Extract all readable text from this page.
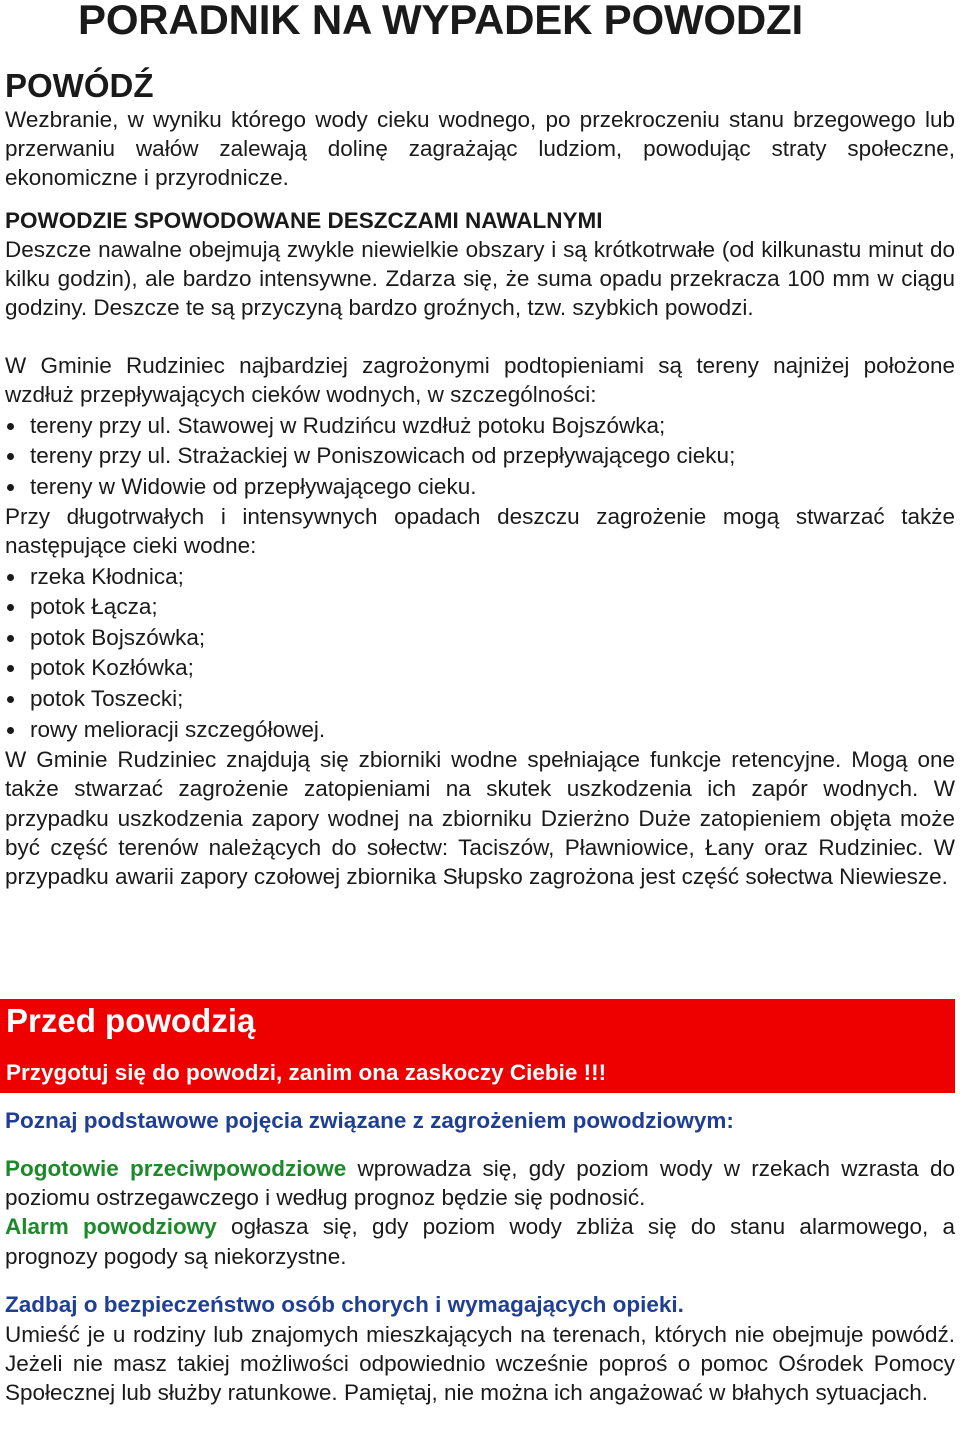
PORADNIK NA WYPADEK POWODZI
POWÓDŹ

Wezbranie, w wyniku którego wody cieku wodnego, po przekroczeniu stanu brzegowego lub przerwaniu wałów zalewają dolinę zagrażając ludziom, powodując straty społeczne, ekonomiczne i przyrodnicze.

POWODZIE SPOWODOWANE DESZCZAMI NAWALNYMI

Deszcze nawalne obejmują zwykle niewielkie obszary i są krótkotrwałe (od kilkunastu minut do kilku godzin), ale bardzo intensywne. Zdarza się, że suma opadu przekracza 100 mm w ciągu godziny. Deszcze te są przyczyną bardzo groźnych, tzw. szybkich powodzi.

W Gminie Rudziniec najbardziej zagrożonymi podtopieniami są tereny najniżej położone wzdłuż przepływających cieków wodnych, w szczególności:

tereny przy ul. Stawowej w Rudzińcu wzdłuż potoku Bojszówka;
tereny przy ul. Strażackiej w Poniszowicach od przepływającego cieku;
tereny w Widowie od przepływającego cieku.

Przy długotrwałych i intensywnych opadach deszczu zagrożenie mogą stwarzać także następujące cieki wodne:

rzeka Kłodnica;
potok Łącza;
potok Bojszówka;
potok Kozłówka;
potok Toszecki;
rowy melioracji szczegółowej.

W Gminie Rudziniec znajdują się zbiorniki wodne spełniające funkcje retencyjne. Mogą one także stwarzać zagrożenie zatopieniami na skutek uszkodzenia ich zapór wodnych. W przypadku uszkodzenia zapory wodnej na zbiorniku Dzierżno Duże zatopieniem objęta może być część terenów należących do sołectw: Taciszów, Pławniowice, Łany oraz Rudziniec. W przypadku awarii zapory czołowej zbiornika Słupsko zagrożona jest część sołectwa Niewiesze.

Przed powodzią
Przygotuj się do powodzi, zanim ona zaskoczy Ciebie !!!
Poznaj podstawowe pojęcia związane z zagrożeniem powodziowym:

Pogotowie przeciwpowodziowe wprowadza się, gdy poziom wody w rzekach wzrasta do poziomu ostrzegawczego i według prognoz będzie się podnosić.

Alarm powodziowy ogłasza się, gdy poziom wody zbliża się do stanu alarmowego, a prognozy pogody są niekorzystne.

Zadbaj o bezpieczeństwo osób chorych i wymagających opieki.

Umieść je u rodziny lub znajomych mieszkających na terenach, których nie obejmuje powódź. Jeżeli nie masz takiej możliwości odpowiednio wcześnie poproś o pomoc Ośrodek Pomocy Społecznej lub służby ratunkowe. Pamiętaj, nie można ich angażować w błahych sytuacjach.
